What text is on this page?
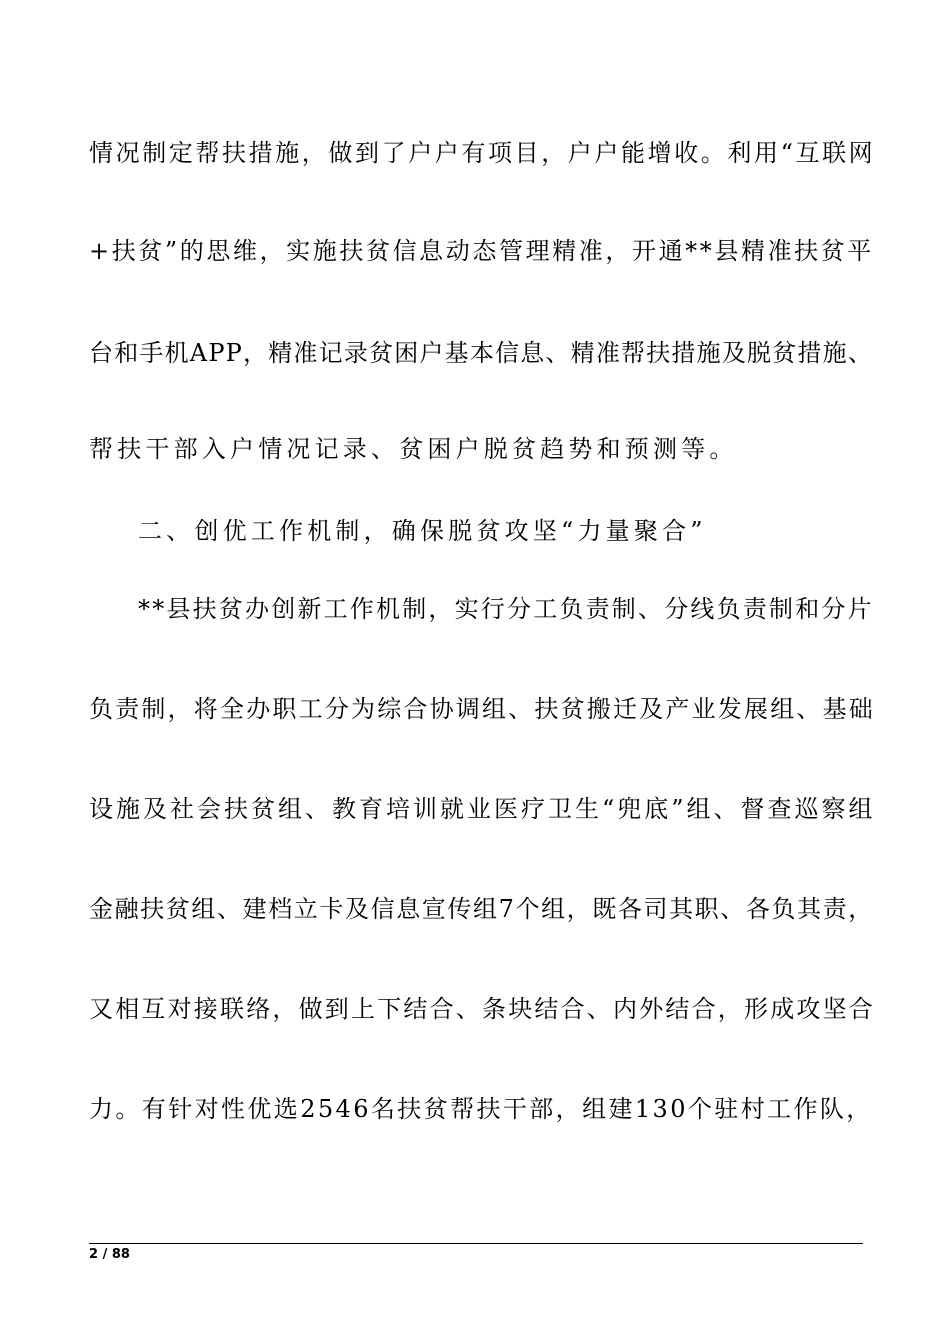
情况制定帮扶措施，做到了户户有项目，户户能增收。利用“互联网
+扶贫”的思维，实施扶贫信息动态管理精准，开通**县精准扶贫平
台和手机APP，精准记录贫困户基本信息、精准帮扶措施及脱贫措施、
帮扶干部入户情况记录、贫困户脱贫趋势和预测等。
二、创优工作机制，确保脱贫攻坚“力量聚合”
**县扶贫办创新工作机制，实行分工负责制、分线负责制和分片
负责制，将全办职工分为综合协调组、扶贫搬迁及产业发展组、基础
设施及社会扶贫组、教育培训就业医疗卫生“兜底”组、督查巡察组
金融扶贫组、建档立卡及信息宣传组7个组，既各司其职、各负其责，
又相互对接联络，做到上下结合、条块结合、内外结合，形成攻坚合
力。有针对性优选2546名扶贫帮扶干部，组建130个驻村工作队，
2 / 88
